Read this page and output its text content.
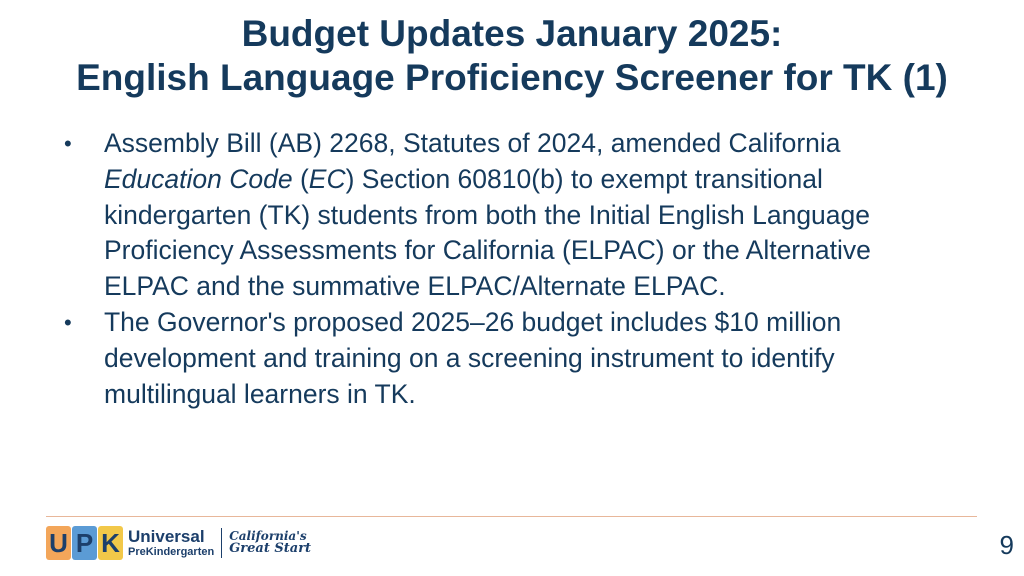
Budget Updates January 2025:
English Language Proficiency Screener for TK (1)
• Assembly Bill (AB) 2268, Statutes of 2024, amended California Education Code (EC) Section 60810(b) to exempt transitional kindergarten (TK) students from both the Initial English Language Proficiency Assessments for California (ELPAC) or the Alternative ELPAC and the summative ELPAC/Alternate ELPAC.
• The Governor's proposed 2025–26 budget includes $10 million development and training on a screening instrument to identify multilingual learners in TK.
U P K Universal
PreKindergarten
California's
Great Start	9
